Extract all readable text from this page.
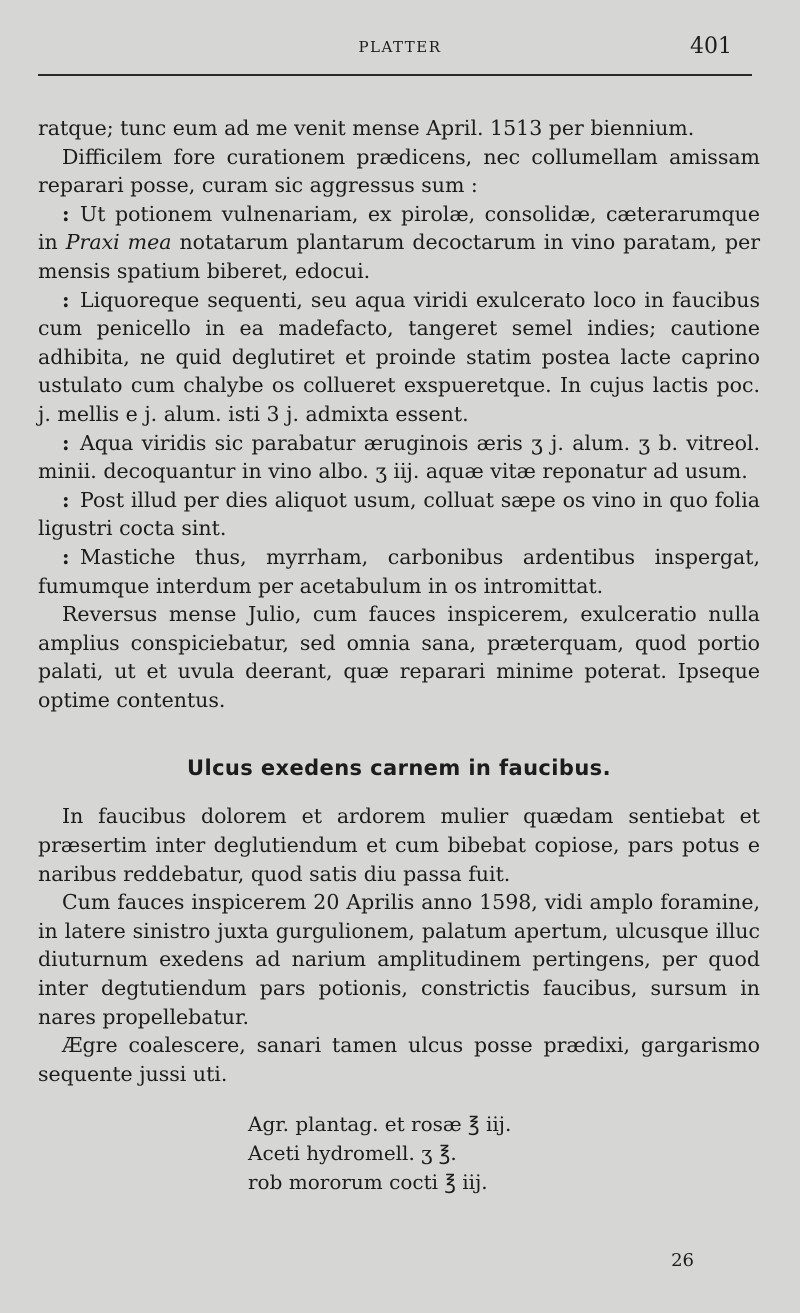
PLATTER	401

ratque; tunc eum ad me venit mense April. 1513 per biennium.

Difficilem fore curationem prædicens, nec collumellam amissam reparari posse, curam sic aggressus sum :

: Ut potionem vulnenariam, ex pirolæ, consolidæ, cæterarumque in Praxi mea notatarum plantarum decoctarum in vino paratam, per mensis spatium biberet, edocui.

: Liquoreque sequenti, seu aqua viridi exulcerato loco in faucibus cum penicello in ea madefacto, tangeret semel indies; cautione adhibita, ne quid deglutiret et proinde statim postea lacte caprino ustulato cum chalybe os collueret exspueretque. In cujus lactis poc. j. mellis e j. alum. isti 3 j. admixta essent.

: Aqua viridis sic parabatur æruginois æris ʒ j. alum. ʒ b. vitreol. minii. decoquantur in vino albo. ʒ iij. aquæ vitæ reponatur ad usum.

: Post illud per dies aliquot usum, colluat sæpe os vino in quo folia ligustri cocta sint.

: Mastiche thus, myrrham, carbonibus ardentibus inspergat, fumumque interdum per acetabulum in os intromittat.

Reversus mense Julio, cum fauces inspicerem, exulceratio nulla amplius conspiciebatur, sed omnia sana, præterquam, quod portio palati, ut et uvula deerant, quæ reparari minime poterat. Ipseque optime contentus.

Ulcus exedens carnem in faucibus.

In faucibus dolorem et ardorem mulier quædam sentiebat et præsertim inter deglutiendum et cum bibebat copiose, pars potus e naribus reddebatur, quod satis diu passa fuit.

Cum fauces inspicerem 20 Aprilis anno 1598, vidi amplo foramine, in latere sinistro juxta gurgulionem, palatum apertum, ulcusque illuc diuturnum exedens ad narium amplitudinem pertingens, per quod inter degtutiendum pars potionis, constrictis faucibus, sursum in nares propellebatur.

Ægre coalescere, sanari tamen ulcus posse prædixi, gargarismo sequente jussi uti.

Agr. plantag. et rosæ ℥ iij.
Aceti hydromell. ʒ ℥.
rob mororum cocti ℥ iij.
26
